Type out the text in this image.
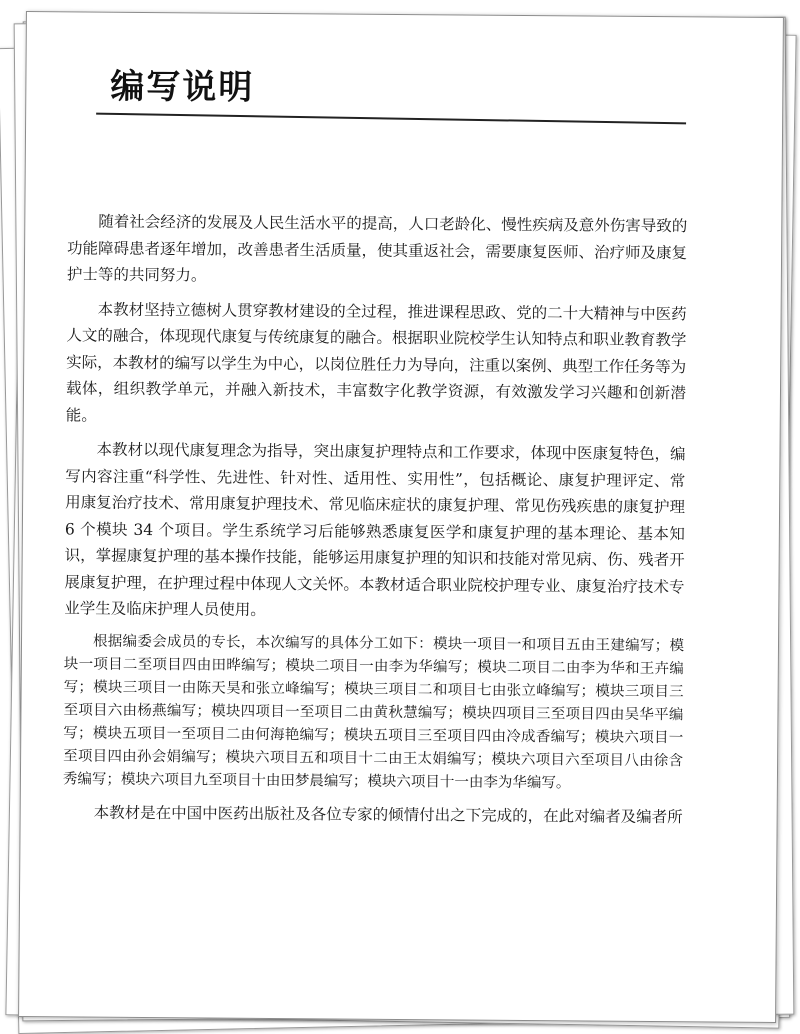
编写说明

随着社会经济的发展及人民生活水平的提高，人口老龄化、慢性疾病及意外伤害导致的功能障碍患者逐年增加，改善患者生活质量，使其重返社会，需要康复医师、治疗师及康复护士等的共同努力。

本教材坚持立德树人贯穿教材建设的全过程，推进课程思政、党的二十大精神与中医药人文的融合，体现现代康复与传统康复的融合。根据职业院校学生认知特点和职业教育教学实际，本教材的编写以学生为中心，以岗位胜任力为导向，注重以案例、典型工作任务等为载体，组织教学单元，并融入新技术，丰富数字化教学资源，有效激发学习兴趣和创新潜能。

本教材以现代康复理念为指导，突出康复护理特点和工作要求，体现中医康复特色，编写内容注重“科学性、先进性、针对性、适用性、实用性”，包括概论、康复护理评定、常用康复治疗技术、常用康复护理技术、常见临床症状的康复护理、常见伤残疾患的康复护理 6 个模块 34 个项目。学生系统学习后能够熟悉康复医学和康复护理的基本理论、基本知识，掌握康复护理的基本操作技能，能够运用康复护理的知识和技能对常见病、伤、残者开展康复护理，在护理过程中体现人文关怀。本教材适合职业院校护理专业、康复治疗技术专业学生及临床护理人员使用。

根据编委会成员的专长，本次编写的具体分工如下：模块一项目一和项目五由王建编写；模块一项目二至项目四由田晔编写；模块二项目一由李为华编写；模块二项目二由李为华和王卉编写；模块三项目一由陈天昊和张立峰编写；模块三项目二和项目七由张立峰编写；模块三项目三至项目六由杨燕编写；模块四项目一至项目二由黄秋慧编写；模块四项目三至项目四由吴华平编写；模块五项目一至项目二由何海艳编写；模块五项目三至项目四由冷成香编写；模块六项目一至项目四由孙会娟编写；模块六项目五和项目十二由王太娟编写；模块六项目六至项目八由徐含秀编写；模块六项目九至项目十由田梦晨编写；模块六项目十一由李为华编写。

本教材是在中国中医药出版社及各位专家的倾情付出之下完成的，在此对编者及编者所
